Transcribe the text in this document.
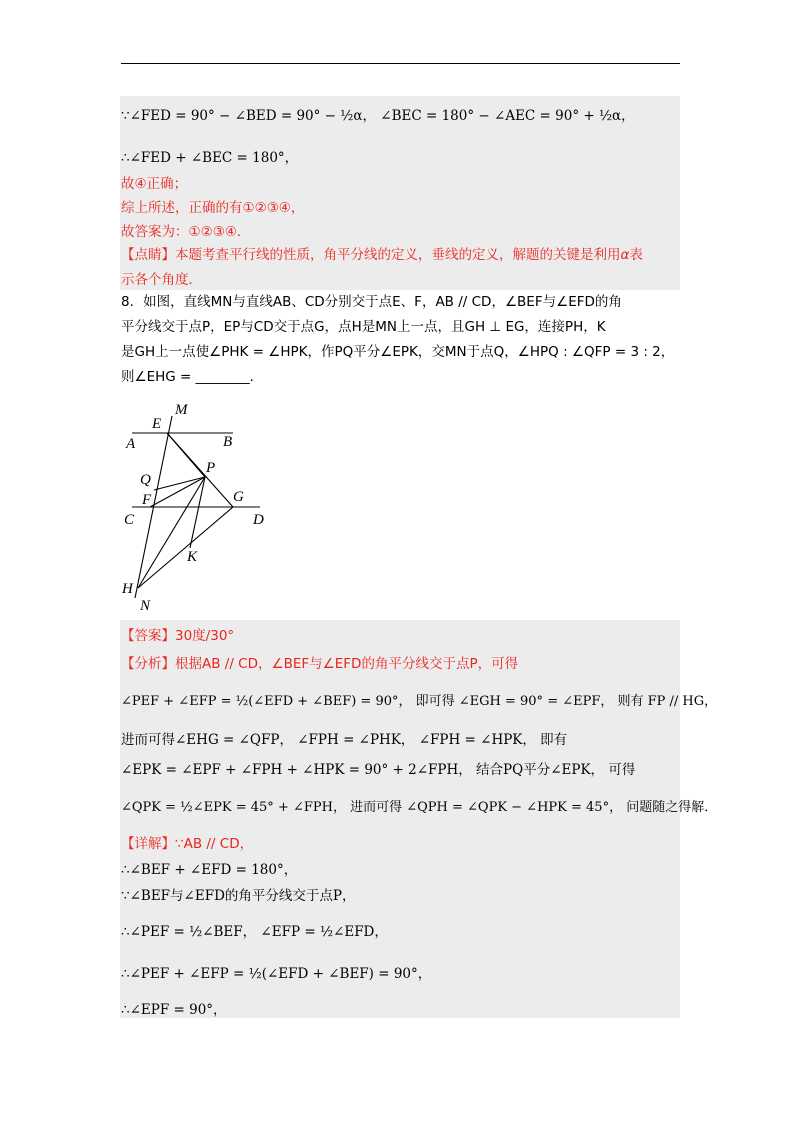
∵∠FED = 90° − ∠BED = 90° − ½α， ∠BEC = 180° − ∠AEC = 90° + ½α，
∴∠FED + ∠BEC = 180°，
故④正确；
综上所述，正确的有①②③④，
故答案为：①②③④．
【点睛】本题考查平行线的性质，角平分线的定义，垂线的定义，解题的关键是利用α表
示各个角度．
8．如图，直线MN与直线AB、CD分别交于点E、F，AB // CD，∠BEF与∠EFD的角
平分线交于点P，EP与CD交于点G，点H是MN上一点，且GH ⊥ EG，连接PH，K
是GH上一点使∠PHK = ∠HPK，作PQ平分∠EPK，交MN于点Q，∠HPQ : ∠QFP = 3 : 2，
则∠EHG = ________．
M
E
A	B
Q
P
F	G
C	D
K
H
N
【答案】30度/30°
【分析】根据AB // CD，∠BEF与∠EFD的角平分线交于点P，可得
∠PEF + ∠EFP = ½(∠EFD + ∠BEF) = 90°， 即可得 ∠EGH = 90° = ∠EPF， 则有 FP // HG，
进而可得∠EHG = ∠QFP， ∠FPH = ∠PHK， ∠FPH = ∠HPK， 即有
∠EPK = ∠EPF + ∠FPH + ∠HPK = 90° + 2∠FPH， 结合PQ平分∠EPK， 可得
∠QPK = ½∠EPK = 45° + ∠FPH， 进而可得 ∠QPH = ∠QPK − ∠HPK = 45°， 问题随之得解．
【详解】∵AB // CD，
∴∠BEF + ∠EFD = 180°，
∵∠BEF与∠EFD的角平分线交于点P，
∴∠PEF = ½∠BEF， ∠EFP = ½∠EFD，
∴∠PEF + ∠EFP = ½(∠EFD + ∠BEF) = 90°，
∴∠EPF = 90°，
